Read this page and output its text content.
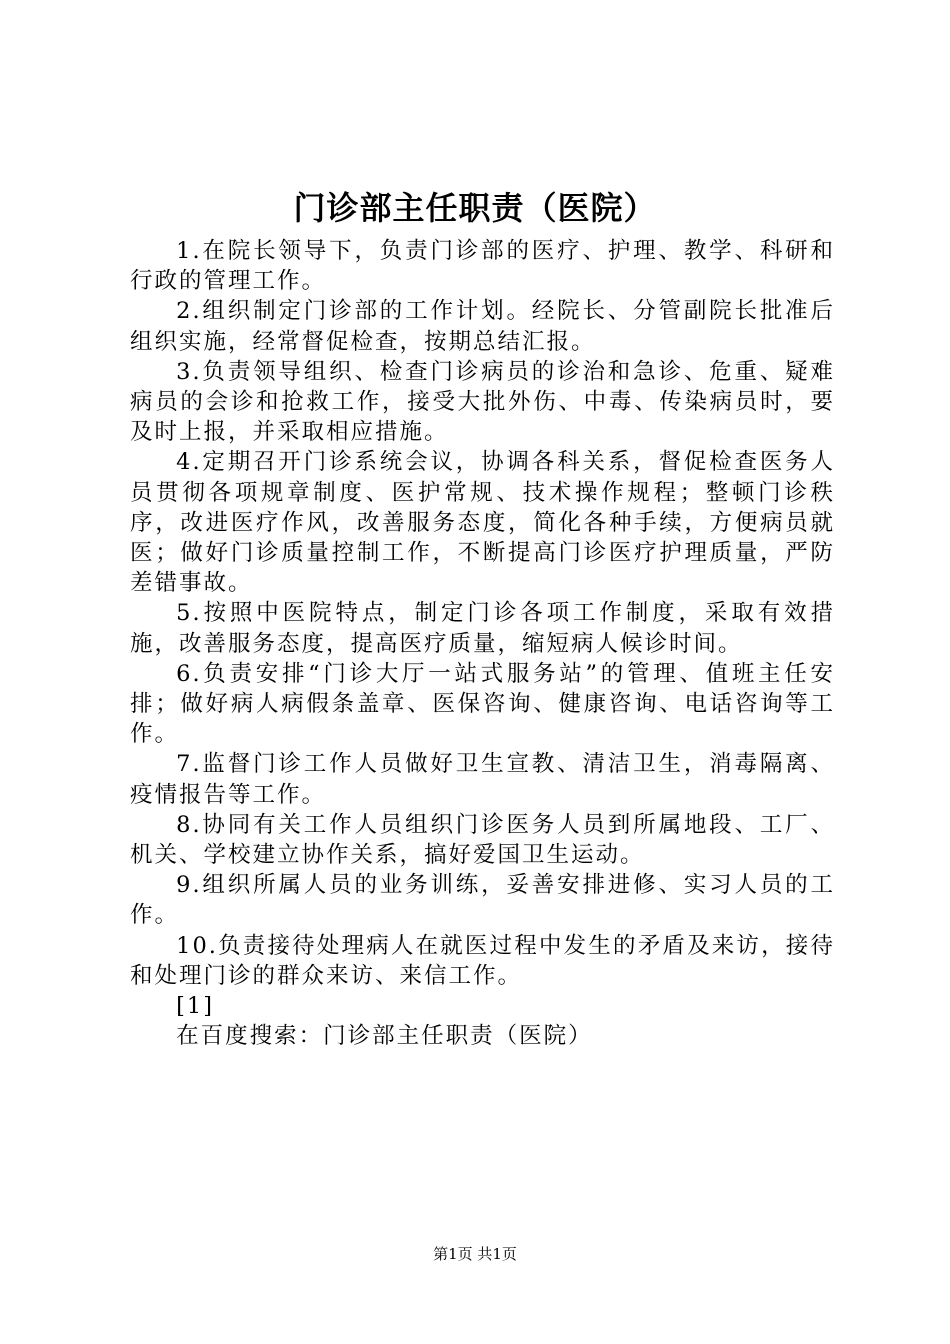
门诊部主任职责（医院）

1.在院长领导下，负责门诊部的医疗、护理、教学、科研和行政的管理工作。

2.组织制定门诊部的工作计划。经院长、分管副院长批准后组织实施，经常督促检查，按期总结汇报。

3.负责领导组织、检查门诊病员的诊治和急诊、危重、疑难病员的会诊和抢救工作，接受大批外伤、中毒、传染病员时，要及时上报，并采取相应措施。

4.定期召开门诊系统会议，协调各科关系，督促检查医务人员贯彻各项规章制度、医护常规、技术操作规程；整顿门诊秩序，改进医疗作风，改善服务态度，简化各种手续，方便病员就医；做好门诊质量控制工作，不断提高门诊医疗护理质量，严防差错事故。

5.按照中医院特点，制定门诊各项工作制度，采取有效措施，改善服务态度，提高医疗质量，缩短病人候诊时间。

6.负责安排“门诊大厅一站式服务站”的管理、值班主任安排；做好病人病假条盖章、医保咨询、健康咨询、电话咨询等工作。

7.监督门诊工作人员做好卫生宣教、清洁卫生，消毒隔离、疫情报告等工作。

8.协同有关工作人员组织门诊医务人员到所属地段、工厂、机关、学校建立协作关系，搞好爱国卫生运动。

9.组织所属人员的业务训练，妥善安排进修、实习人员的工作。

10.负责接待处理病人在就医过程中发生的矛盾及来访，接待和处理门诊的群众来访、来信工作。

[1]

在百度搜索：门诊部主任职责（医院）

第1页 共1页
